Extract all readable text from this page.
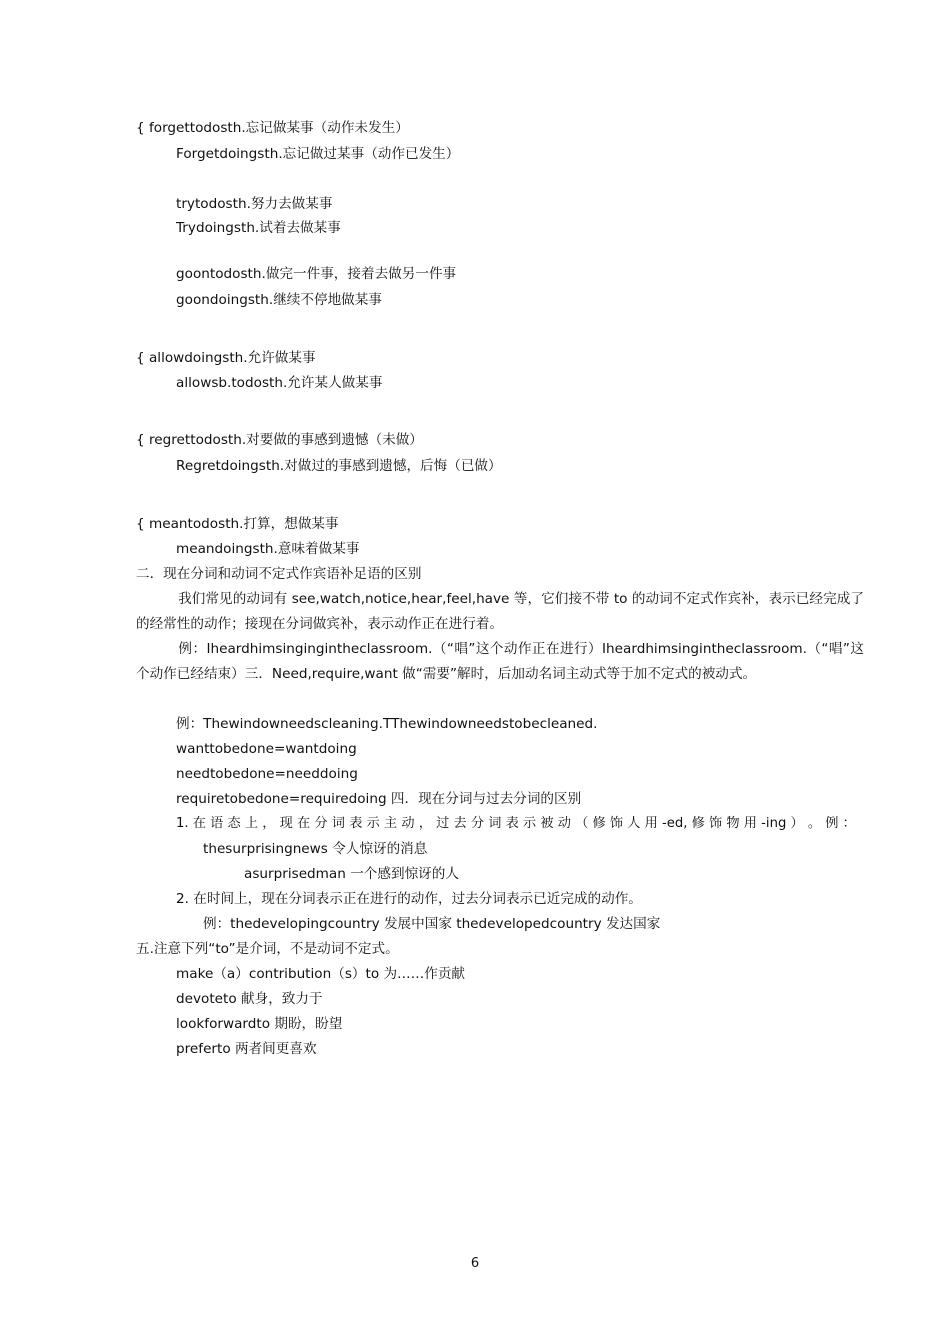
{ forgettodosth.忘记做某事（动作未发生）
Forgetdoingsth.忘记做过某事（动作已发生）
trytodosth.努力去做某事
Trydoingsth.试着去做某事
goontodosth.做完一件事，接着去做另一件事
goondoingsth.继续不停地做某事
{ allowdoingsth.允许做某事
allowsb.todosth.允许某人做某事
{ regrettodosth.对要做的事感到遗憾（未做）
Regretdoingsth.对做过的事感到遗憾，后悔（已做）
{ meantodosth.打算，想做某事
meandoingsth.意味着做某事
二．现在分词和动词不定式作宾语补足语的区别
我们常见的动词有 see,watch,notice,hear,feel,have 等，它们接不带 to 的动词不定式作宾补，表示已经完成了的经常性的动作；接现在分词做宾补，表示动作正在进行着。
例：Iheardhimsingingintheclassroom.（“唱”这个动作正在进行）Iheardhimsingintheclassroom.（“唱”这个动作已经结束）三．Need,require,want 做“需要”解时，后加动名词主动式等于加不定式的被动式。
例：Thewindowneedscleaning.TThewindowneedstobecleaned.
wanttobedone=wantdoing
needtobedone=needdoing
requiretobedone=requiredoing 四．现在分词与过去分词的区别
1. 在 语 态 上 ， 现 在 分 词 表 示 主 动 ， 过 去 分 词 表 示 被 动 （ 修 饰 人 用 -ed, 修 饰 物 用 -ing ） 。 例 ：
thesurprisingnews 令人惊讶的消息
asurprisedman 一个感到惊讶的人
2. 在时间上，现在分词表示正在进行的动作，过去分词表示已近完成的动作。
例：thedevelopingcountry 发展中国家 thedevelopedcountry 发达国家
五.注意下列“to”是介词，不是动词不定式。
make（a）contribution（s）to 为……作贡献
devoteto 献身，致力于
lookforwardto 期盼，盼望
preferto 两者间更喜欢
6
